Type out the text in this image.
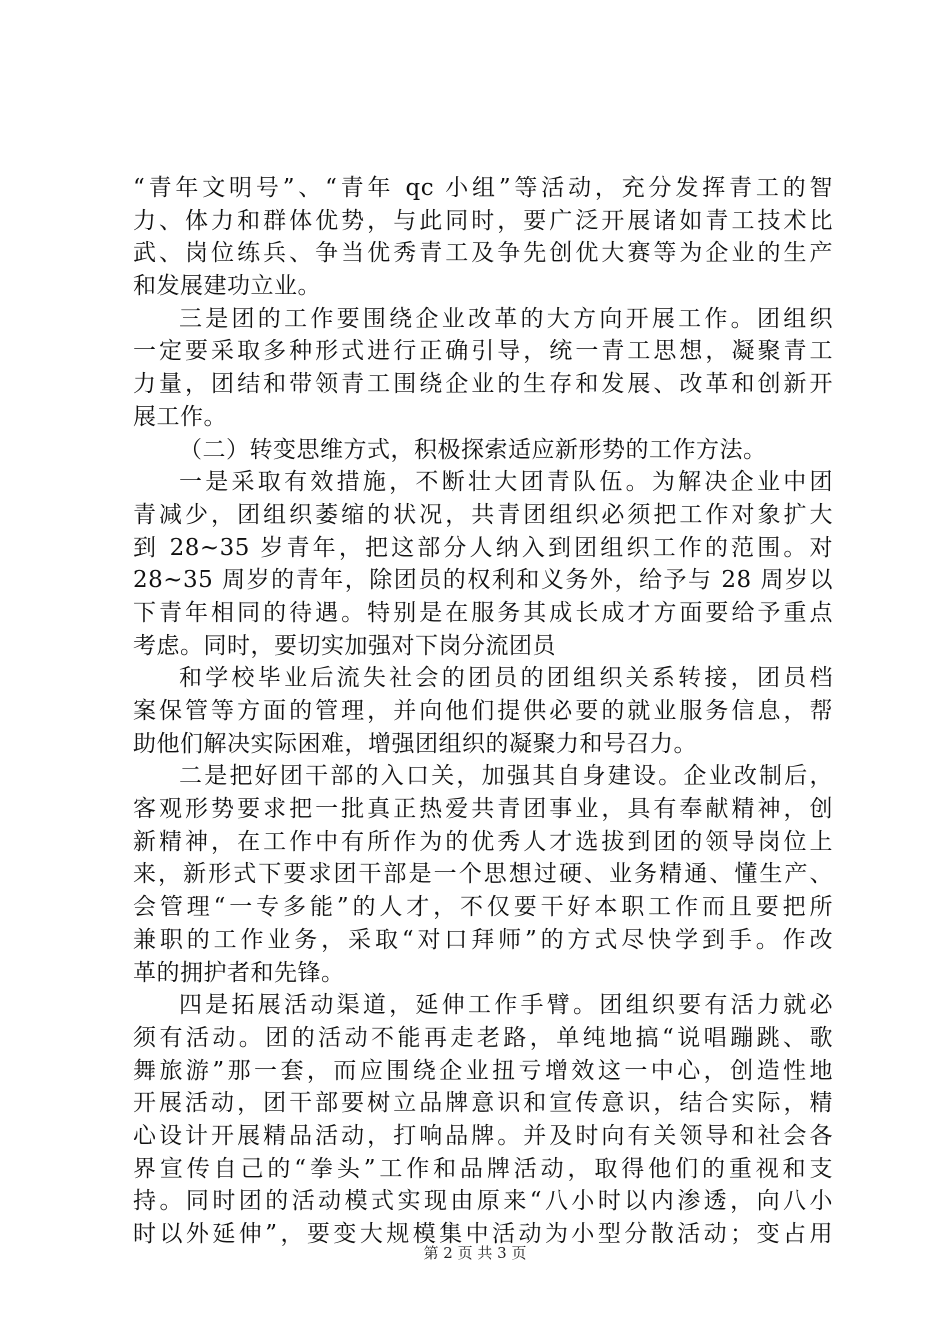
“青年文明号”、“青年 qc 小组”等活动，充分发挥青工的智
力、体力和群体优势，与此同时，要广泛开展诸如青工技术比
武、岗位练兵、争当优秀青工及争先创优大赛等为企业的生产
和发展建功立业。
三是团的工作要围绕企业改革的大方向开展工作。团组织
一定要采取多种形式进行正确引导，统一青工思想，凝聚青工
力量，团结和带领青工围绕企业的生存和发展、改革和创新开
展工作。
（二）转变思维方式，积极探索适应新形势的工作方法。
一是采取有效措施，不断壮大团青队伍。为解决企业中团
青减少，团组织萎缩的状况，共青团组织必须把工作对象扩大
到 28~35 岁青年，把这部分人纳入到团组织工作的范围。对
28~35 周岁的青年，除团员的权利和义务外，给予与 28 周岁以
下青年相同的待遇。特别是在服务其成长成才方面要给予重点
考虑。同时，要切实加强对下岗分流团员
和学校毕业后流失社会的团员的团组织关系转接，团员档
案保管等方面的管理，并向他们提供必要的就业服务信息，帮
助他们解决实际困难，增强团组织的凝聚力和号召力。
二是把好团干部的入口关，加强其自身建设。企业改制后，
客观形势要求把一批真正热爱共青团事业，具有奉献精神，创
新精神，在工作中有所作为的优秀人才选拔到团的领导岗位上
来，新形式下要求团干部是一个思想过硬、业务精通、懂生产、
会管理“一专多能”的人才，不仅要干好本职工作而且要把所
兼职的工作业务，采取“对口拜师”的方式尽快学到手。作改
革的拥护者和先锋。
四是拓展活动渠道，延伸工作手臂。团组织要有活力就必
须有活动。团的活动不能再走老路，单纯地搞“说唱蹦跳、歌
舞旅游”那一套，而应围绕企业扭亏增效这一中心，创造性地
开展活动，团干部要树立品牌意识和宣传意识，结合实际，精
心设计开展精品活动，打响品牌。并及时向有关领导和社会各
界宣传自己的“拳头”工作和品牌活动，取得他们的重视和支
持。同时团的活动模式实现由原来“八小时以内渗透，向八小
时以外延伸”，要变大规模集中活动为小型分散活动；变占用
第 2 页 共 3 页
